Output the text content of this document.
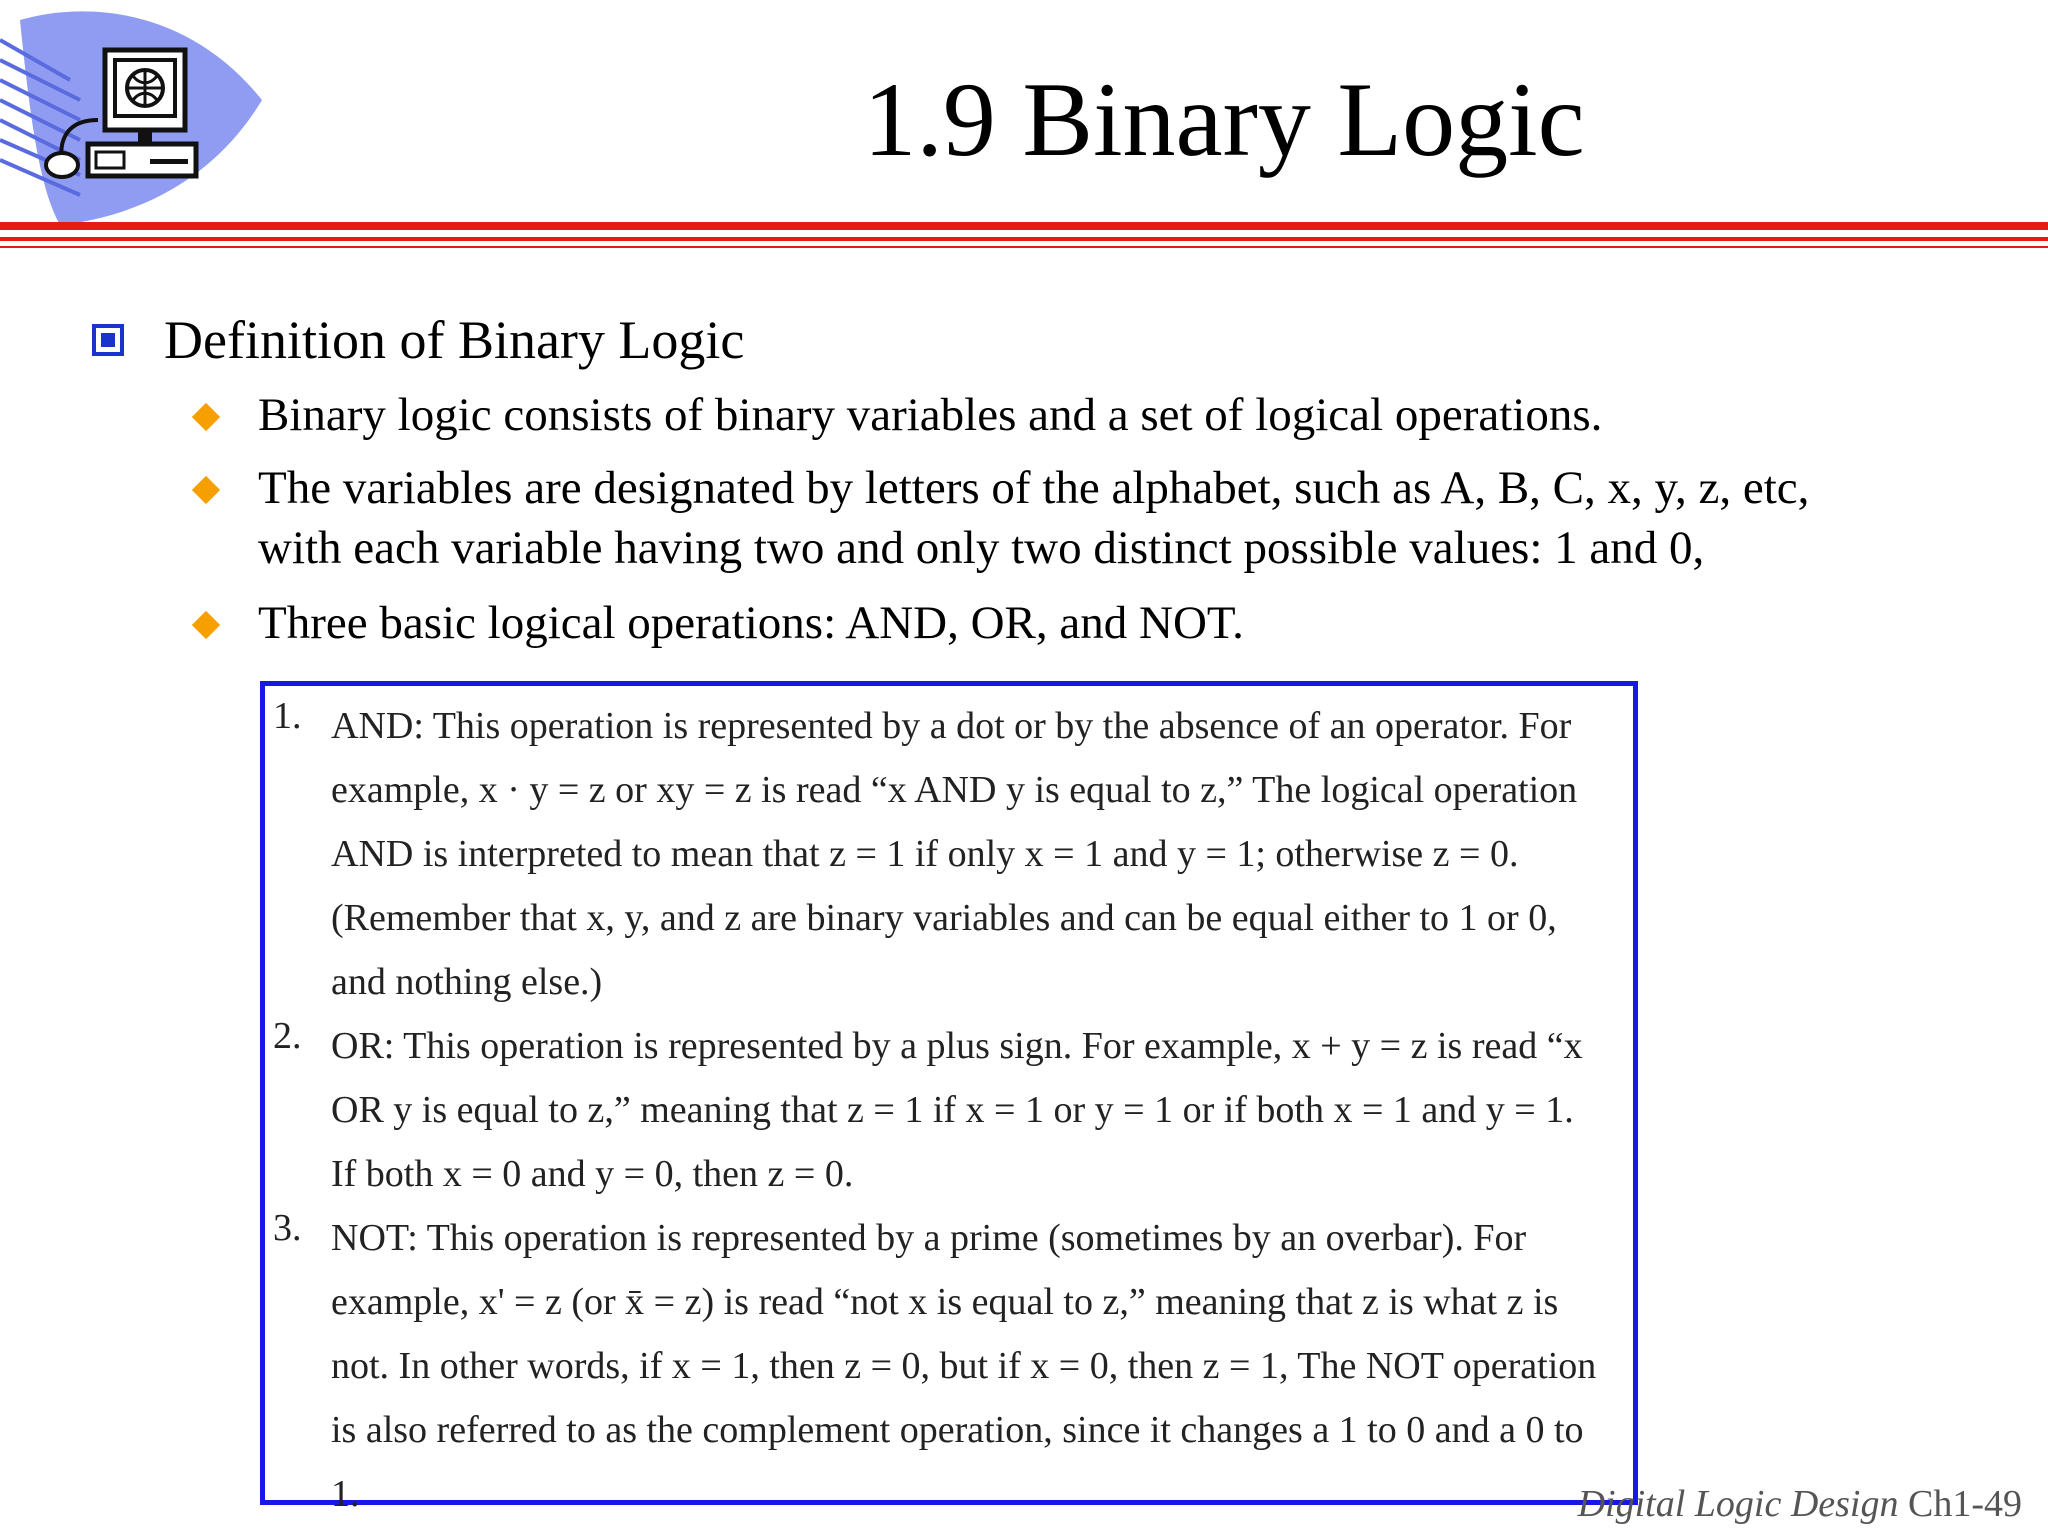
1.9 Binary Logic
Definition of Binary Logic
Binary logic consists of binary variables and a set of logical operations.
The variables are designated by letters of the alphabet, such as A, B, C, x, y, z, etc,
with each variable having two and only two distinct possible values: 1 and 0,
Three basic logical operations: AND, OR, and NOT.
1. AND: This operation is represented by a dot or by the absence of an operator. For
example, x · y = z or xy = z is read “x AND y is equal to z,” The logical operation
AND is interpreted to mean that z = 1 if only x = 1 and y = 1; otherwise z = 0.
(Remember that x, y, and z are binary variables and can be equal either to 1 or 0,
and nothing else.)
2. OR: This operation is represented by a plus sign. For example, x + y = z is read “x
OR y is equal to z,” meaning that z = 1 if x = 1 or y = 1 or if both x = 1 and y = 1.
If both x = 0 and y = 0, then z = 0.
3. NOT: This operation is represented by a prime (sometimes by an overbar). For
example, x' = z (or x̄ = z) is read “not x is equal to z,” meaning that z is what z is
not. In other words, if x = 1, then z = 0, but if x = 0, then z = 1, The NOT operation
is also referred to as the complement operation, since it changes a 1 to 0 and a 0 to
1.	Digital Logic Design Ch1-49
